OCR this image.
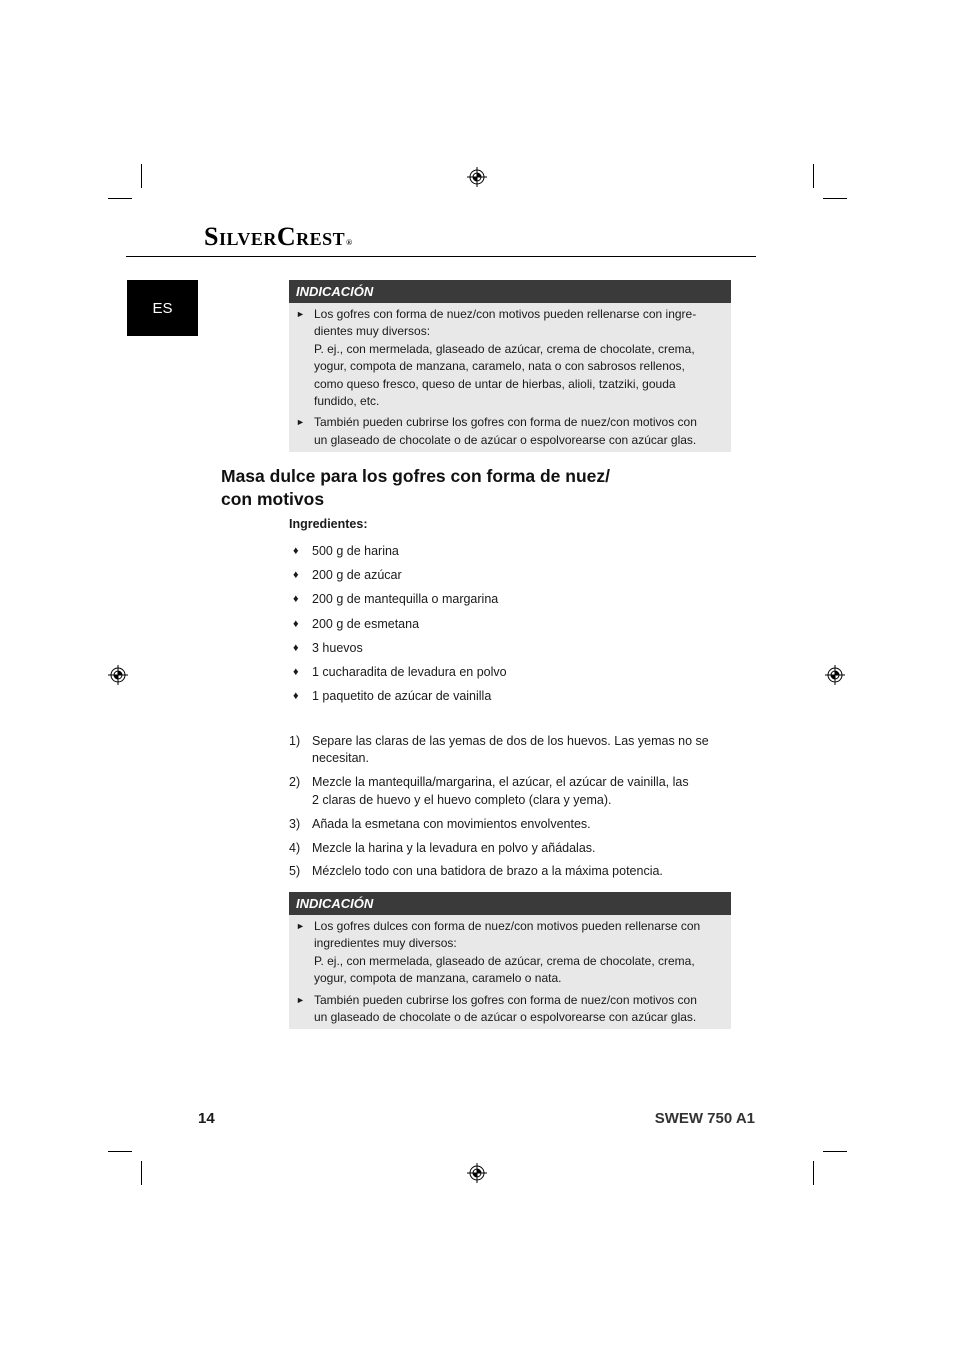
SilverCrest®
ES
INDICACIÓN
► Los gofres con forma de nuez/con motivos pueden rellenarse con ingre-
dientes muy diversos:
P. ej., con mermelada, glaseado de azúcar, crema de chocolate, crema,
yogur, compota de manzana, caramelo, nata o con sabrosos rellenos,
como queso fresco, queso de untar de hierbas, alioli, tzatziki, gouda
fundido, etc.
► También pueden cubrirse los gofres con forma de nuez/con motivos con
un glaseado de chocolate o de azúcar o espolvorearse con azúcar glas.
Masa dulce para los gofres con forma de nuez/
con motivos
Ingredientes:
♦ 500 g de harina
♦ 200 g de azúcar
♦ 200 g de mantequilla o margarina
♦ 200 g de esmetana
♦ 3 huevos
♦ 1 cucharadita de levadura en polvo
♦ 1 paquetito de azúcar de vainilla
1) Separe las claras de las yemas de dos de los huevos. Las yemas no se
necesitan.
2) Mezcle la mantequilla/margarina, el azúcar, el azúcar de vainilla, las
2 claras de huevo y el huevo completo (clara y yema).
3) Añada la esmetana con movimientos envolventes.
4) Mezcle la harina y la levadura en polvo y añádalas.
5) Mézclelo todo con una batidora de brazo a la máxima potencia.
INDICACIÓN
► Los gofres dulces con forma de nuez/con motivos pueden rellenarse con
ingredientes muy diversos:
P. ej., con mermelada, glaseado de azúcar, crema de chocolate, crema,
yogur, compota de manzana, caramelo o nata.
► También pueden cubrirse los gofres con forma de nuez/con motivos con
un glaseado de chocolate o de azúcar o espolvorearse con azúcar glas.
14	SWEW 750 A1
